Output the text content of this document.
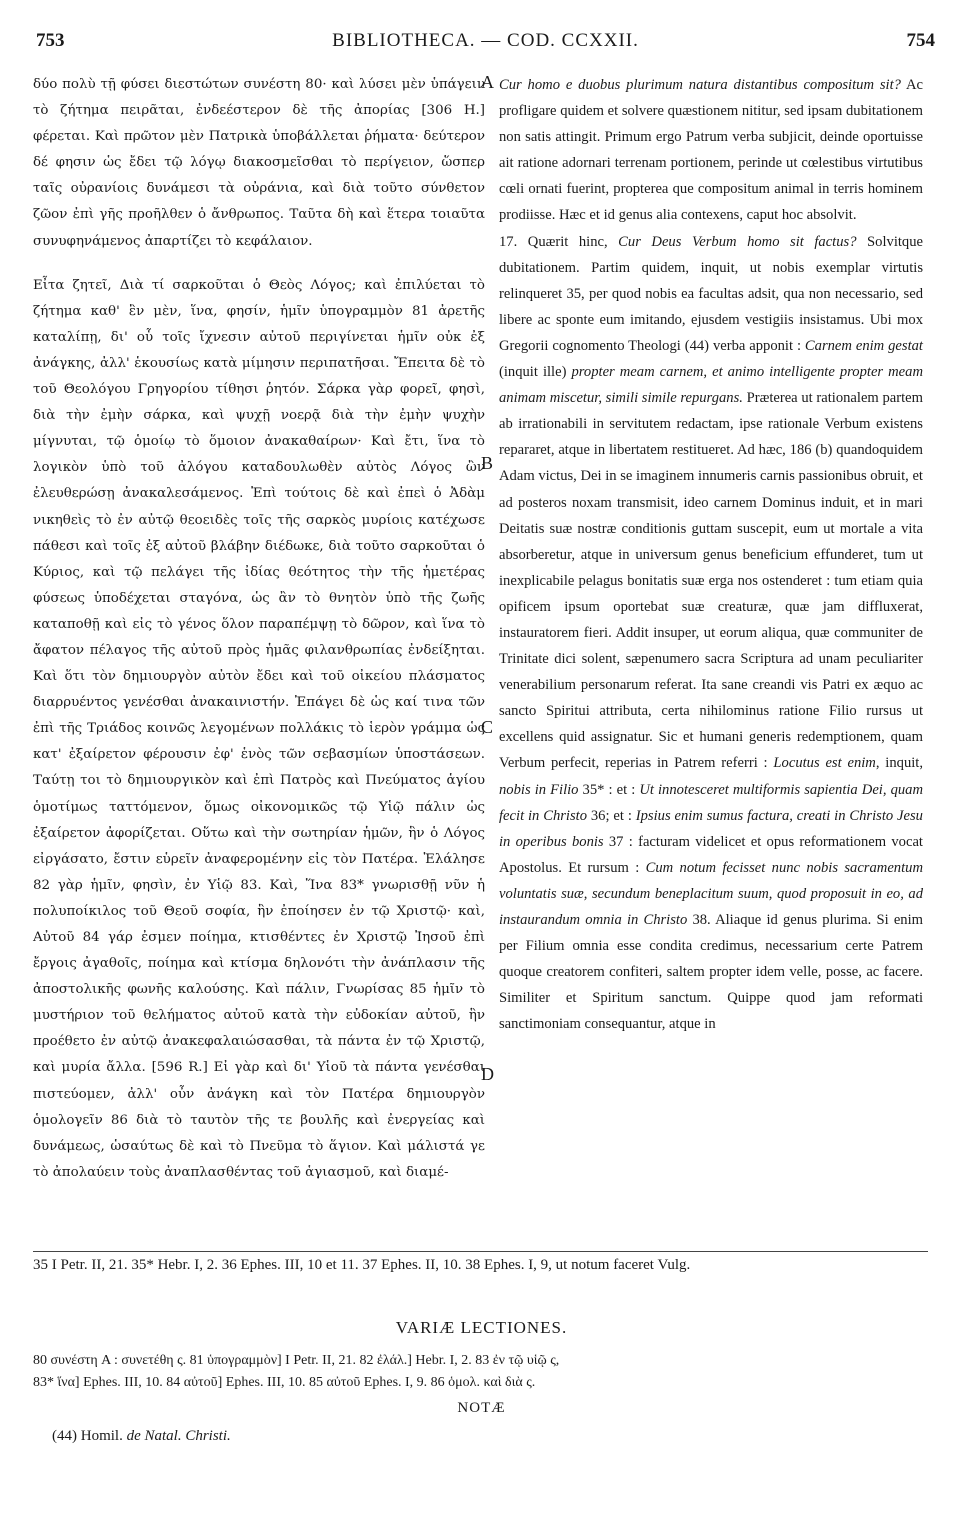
753	BIBLIOTHECA. — COD. CCXXII.	754

δύο πολὺ τῇ φύσει διεστώτων συνέστη 80· καὶ λύσει μὲν ὑπάγειν τὸ ζήτημα πειρᾶται, ἐνδεέστερον δὲ τῆς ἀπορίας [306 Η.] φέρεται. Καὶ πρῶτον μὲν Πατρικὰ ὑποβάλλεται ῥήματα· δεύτερον δέ φησιν ὡς ἔδει τῷ λόγῳ διακοσμεῖσθαι τὸ περίγειον, ὥσπερ ταῖς οὐρανίοις δυνάμεσι τὰ οὐράνια, καὶ διὰ τοῦτο σύνθετον ζῶον ἐπὶ γῆς προῆλθεν ὁ ἄνθρωπος. Ταῦτα δὴ καὶ ἕτερα τοιαῦτα συνυφηνάμενος ἀπαρτίζει τὸ κεφάλαιον.

Εἶτα ζητεῖ, Διὰ τί σαρκοῦται ὁ Θεὸς Λόγος; καὶ ἐπιλύεται τὸ ζήτημα καθ' ἓν μὲν, ἵνα, φησίν, ἡμῖν ὑπογραμμὸν 81 ἀρετῆς καταλίπῃ, δι' οὗ τοῖς ἴχνεσιν αὐτοῦ περιγίνεται ἡμῖν οὐκ ἐξ ἀνάγκης, ἀλλ' ἑκουσίως κατὰ μίμησιν περιπατῆσαι. Ἔπειτα δὲ τὸ τοῦ Θεολόγου Γρηγορίου τίθησι ῥητόν. Σάρκα γὰρ φορεῖ, φησὶ, διὰ τὴν ἐμὴν σάρκα, καὶ ψυχῇ νοερᾷ διὰ τὴν ἐμὴν ψυχὴν μίγνυται, τῷ ὁμοίῳ τὸ ὅμοιον ἀνακαθαίρων· Καὶ ἔτι, ἵνα τὸ λογικὸν ὑπὸ τοῦ ἀλόγου καταδουλωθὲν αὐτὸς Λόγος ὢν ἐλευθερώσῃ ἀνακαλεσάμενος. Ἐπὶ τούτοις δὲ καὶ ἐπεὶ ὁ Ἀδὰμ νικηθεὶς τὸ ἐν αὐτῷ θεοειδὲς τοῖς τῆς σαρκὸς μυρίοις κατέχωσε πάθεσι καὶ τοῖς ἐξ αὐτοῦ βλάβην διέδωκε, διὰ τοῦτο σαρκοῦται ὁ Κύριος, καὶ τῷ πελάγει τῆς ἰδίας θεότητος τὴν τῆς ἡμετέρας φύσεως ὑποδέχεται σταγόνα, ὡς ἂν τὸ θνητὸν ὑπὸ τῆς ζωῆς καταποθῇ καὶ εἰς τὸ γένος ὅλον παραπέμψῃ τὸ δῶρον, καὶ ἵνα τὸ ἄφατον πέλαγος τῆς αὐτοῦ πρὸς ἡμᾶς φιλανθρωπίας ἐνδείξηται. Καὶ ὅτι τὸν δημιουργὸν αὐτὸν ἔδει καὶ τοῦ οἰκείου πλάσματος διαρρυέντος γενέσθαι ἀνακαινιστήν. Ἐπάγει δὲ ὡς καί τινα τῶν ἐπὶ τῆς Τριάδος κοινῶς λεγομένων πολλάκις τὸ ἱερὸν γράμμα ὡς κατ' ἐξαίρετον φέρουσιν ἐφ' ἑνὸς τῶν σεβασμίων ὑποστάσεων. Ταύτῃ τοι τὸ δημιουργικὸν καὶ ἐπὶ Πατρὸς καὶ Πνεύματος ἁγίου ὁμοτίμως ταττόμενον, ὅμως οἰκονομικῶς τῷ Υἱῷ πάλιν ὡς ἐξαίρετον ἀφορίζεται. Οὕτω καὶ τὴν σωτηρίαν ἡμῶν, ἣν ὁ Λόγος εἰργάσατο, ἔστιν εὑρεῖν ἀναφερομένην εἰς τὸν Πατέρα. Ἐλάλησε 82 γὰρ ἡμῖν, φησὶν, ἐν Υἱῷ 83. Καὶ, Ἵνα 83* γνωρισθῇ νῦν ἡ πολυποίκιλος τοῦ Θεοῦ σοφία, ἣν ἐποίησεν ἐν τῷ Χριστῷ· καὶ, Αὐτοῦ 84 γάρ ἐσμεν ποίημα, κτισθέντες ἐν Χριστῷ Ἰησοῦ ἐπὶ ἔργοις ἀγαθοῖς, ποίημα καὶ κτίσμα δηλονότι τὴν ἀνάπλασιν τῆς ἀποστολικῆς φωνῆς καλούσης. Καὶ πάλιν, Γνωρίσας 85 ἡμῖν τὸ μυστήριον τοῦ θελήματος αὐτοῦ κατὰ τὴν εὐδοκίαν αὐτοῦ, ἣν προέθετο ἐν αὐτῷ ἀνακεφαλαιώσασθαι, τὰ πάντα ἐν τῷ Χριστῷ, καὶ μυρία ἄλλα. [596 R.] Εἰ γὰρ καὶ δι' Υἱοῦ τὰ πάντα γενέσθαι πιστεύομεν, ἀλλ' οὖν ἀνάγκη καὶ τὸν Πατέρα δημιουργὸν ὁμολογεῖν 86 διὰ τὸ ταυτὸν τῆς τε βουλῆς καὶ ἐνεργείας καὶ δυνάμεως, ὡσαύτως δὲ καὶ τὸ Πνεῦμα τὸ ἅγιον. Καὶ μάλιστά γε τὸ ἀπολαύειν τοὺς ἀναπλασθέντας τοῦ ἁγιασμοῦ, καὶ διαμέ-

A
B
C
D

Cur homo e duobus plurimum natura distantibus compositum sit? Ac profligare quidem et solvere quæstionem nititur, sed ipsam dubitationem non satis attingit. Primum ergo Patrum verba subjicit, deinde oportuisse ait ratione adornari terrenam portionem, perinde ut cœlestibus virtutibus cœli ornati fuerint, propterea que compositum animal in terris hominem prodiisse. Hæc et id genus alia contexens, caput hoc absolvit.

17. Quærit hinc, Cur Deus Verbum homo sit factus? Solvitque dubitationem. Partim quidem, inquit, ut nobis exemplar virtutis relinqueret 35, per quod nobis ea facultas adsit, qua non necessario, sed libere ac sponte eum imitando, ejusdem vestigiis insistamus. Ubi mox Gregorii cognomento Theologi (44) verba apponit : Carnem enim gestat (inquit ille) propter meam carnem, et animo intelligente propter meam animam miscetur, simili simile repurgans. Præterea ut rationalem partem ab irrationabili in servitutem redactam, ipse rationale Verbum existens repararet, atque in libertatem restitueret. Ad hæc, 186 (b) quandoquidem Adam victus, Dei in se imaginem innumeris carnis passionibus obruit, et ad posteros noxam transmisit, ideo carnem Dominus induit, et in mari Deitatis suæ nostræ conditionis guttam suscepit, eum ut mortale a vita absorberetur, atque in universum genus beneficium effunderet, tum ut inexplicabile pelagus bonitatis suæ erga nos ostenderet : tum etiam quia opificem ipsum oportebat suæ creaturæ, quæ jam diffluxerat, instauratorem fieri. Addit insuper, ut eorum aliqua, quæ communiter de Trinitate dici solent, sæpenumero sacra Scriptura ad unam peculiariter venerabilium personarum referat. Ita sane creandi vis Patri ex æquo ac sancto Spiritui attributa, certa nihilominus ratione Filio rursus ut excellens quid assignatur. Sic et humani generis redemptionem, quam Verbum perfecit, reperias in Patrem referri : Locutus est enim, inquit, nobis in Filio 35* : et : Ut innotesceret multiformis sapientia Dei, quam fecit in Christo 36; et : Ipsius enim sumus factura, creati in Christo Jesu in operibus bonis 37 : facturam videlicet et opus reformationem vocat Apostolus. Et rursum : Cum notum fecisset nunc nobis sacramentum voluntatis suæ, secundum beneplacitum suum, quod proposuit in eo, ad instaurandum omnia in Christo 38. Aliaque id genus plurima. Si enim per Filium omnia esse condita credimus, necessarium certe Patrem quoque creatorem confiteri, saltem propter idem velle, posse, ac facere. Similiter et Spiritum sanctum. Quippe quod jam reformati sanctimoniam consequantur, atque in

35 I Petr. II, 21. 35* Hebr. I, 2. 36 Ephes. III, 10 et 11. 37 Ephes. II, 10. 38 Ephes. I, 9, ut notum faceret Vulg.
VARIÆ LECTIONES.
80 συνέστη A : συνετέθη ς. 81 ὑπογραμμὸν] I Petr. II, 21. 82 ἐλάλ.] Hebr. I, 2. 83 ἐν τῷ υἱῷ ς,
83* ἵνα] Ephes. III, 10. 84 αὐτοῦ] Ephes. III, 10. 85 αὐτοῦ Ephes. I, 9. 86 ὁμολ. καὶ διὰ ς.
NOTÆ
(44) Homil. de Natal. Christi.
